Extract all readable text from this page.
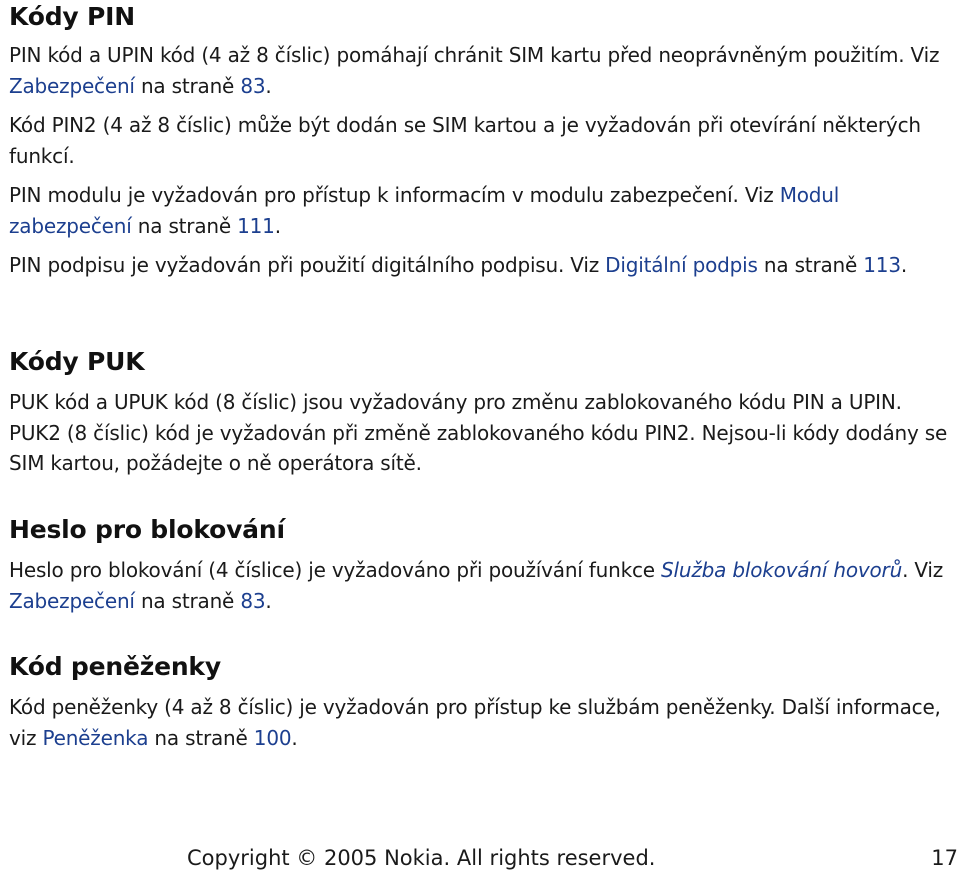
Kódy PIN

PIN kód a UPIN kód (4 až 8 číslic) pomáhají chránit SIM kartu před neoprávněným použitím. Viz Zabezpečení na straně 83.

Kód PIN2 (4 až 8 číslic) může být dodán se SIM kartou a je vyžadován při otevírání některých funkcí.

PIN modulu je vyžadován pro přístup k informacím v modulu zabezpečení. Viz Modul zabezpečení na straně 111.

PIN podpisu je vyžadován při použití digitálního podpisu. Viz Digitální podpis na straně 113.

Kódy PUK

PUK kód a UPUK kód (8 číslic) jsou vyžadovány pro změnu zablokovaného kódu PIN a UPIN. PUK2 (8 číslic) kód je vyžadován při změně zablokovaného kódu PIN2. Nejsou-li kódy dodány se SIM kartou, požádejte o ně operátora sítě.

Heslo pro blokování

Heslo pro blokování (4 číslice) je vyžadováno při používání funkce Služba blokování hovorů. Viz Zabezpečení na straně 83.

Kód peněženky

Kód peněženky (4 až 8 číslic) je vyžadován pro přístup ke službám peněženky. Další informace, viz Peněženka na straně 100.

Copyright © 2005 Nokia. All rights reserved.	17
